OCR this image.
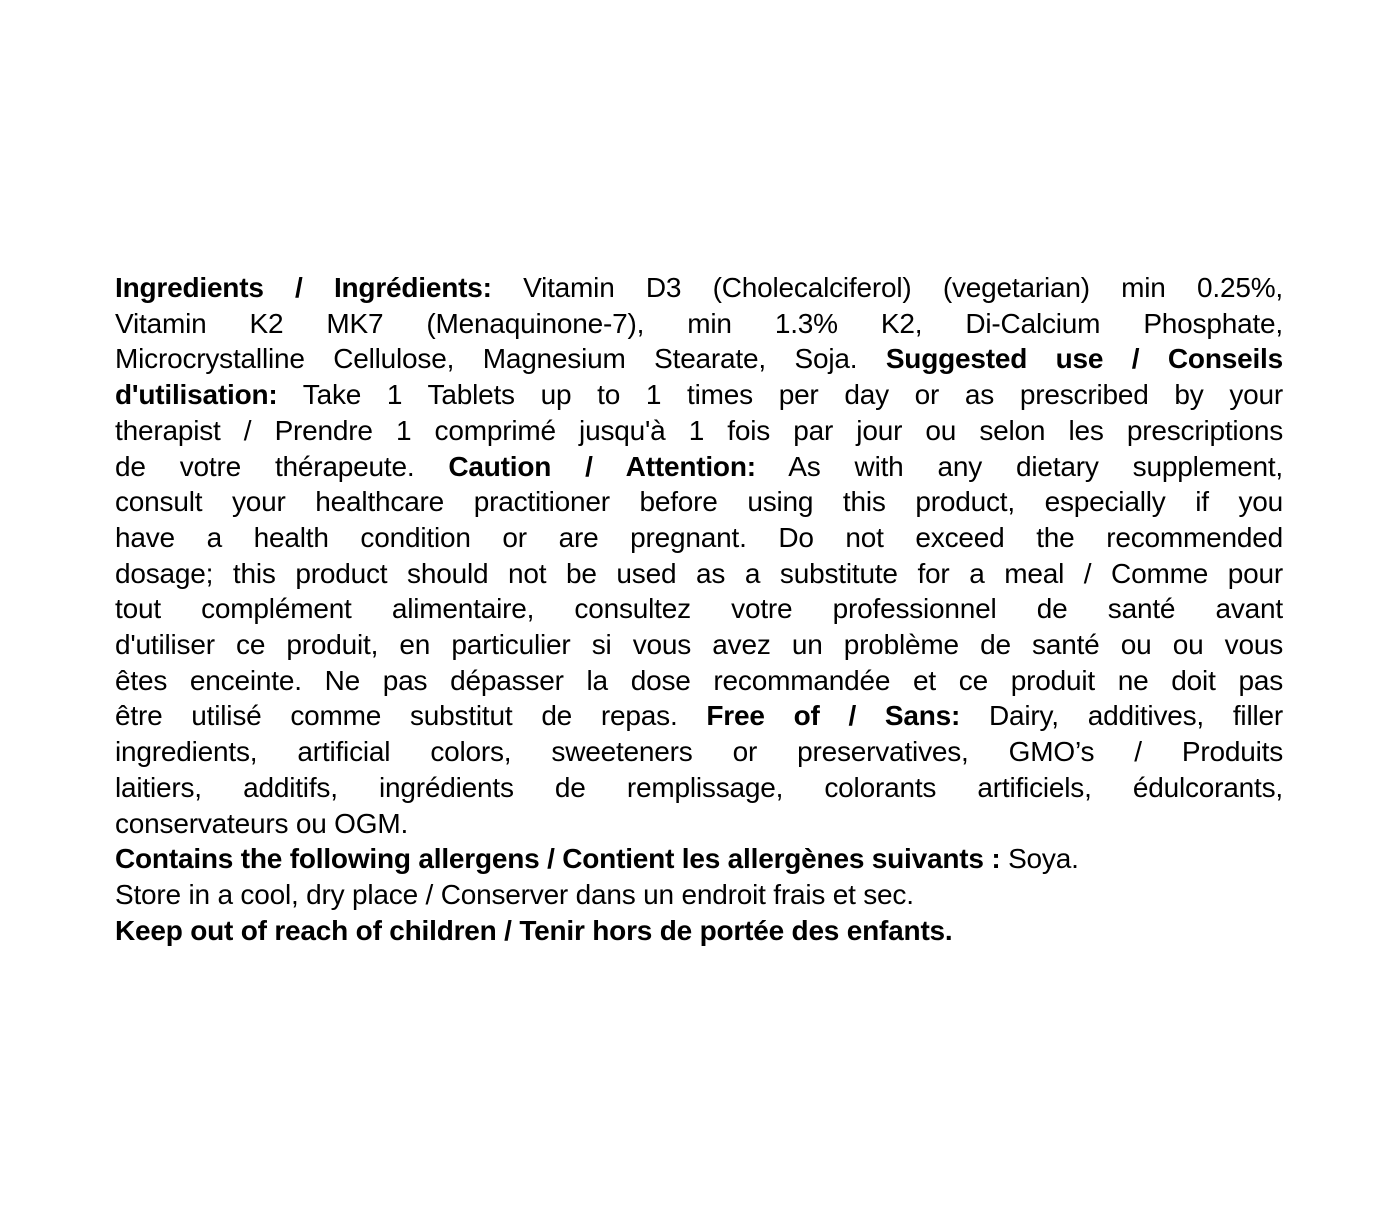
Ingredients / Ingrédients: Vitamin D3 (Cholecalciferol) (vegetarian) min 0.25%,
Vitamin K2 MK7 (Menaquinone-7), min 1.3% K2, Di-Calcium Phosphate,
Microcrystalline Cellulose, Magnesium Stearate, Soja. Suggested use / Conseils
d'utilisation: Take 1 Tablets up to 1 times per day or as prescribed by your
therapist / Prendre 1 comprimé jusqu'à 1 fois par jour ou selon les prescriptions
de votre thérapeute. Caution / Attention: As with any dietary supplement,
consult your healthcare practitioner before using this product, especially if you
have a health condition or are pregnant. Do not exceed the recommended
dosage; this product should not be used as a substitute for a meal / Comme pour
tout complément alimentaire, consultez votre professionnel de santé avant
d'utiliser ce produit, en particulier si vous avez un problème de santé ou ou vous
êtes enceinte. Ne pas dépasser la dose recommandée et ce produit ne doit pas
être utilisé comme substitut de repas. Free of / Sans: Dairy, additives, filler
ingredients, artificial colors, sweeteners or preservatives, GMO’s / Produits
laitiers, additifs, ingrédients de remplissage, colorants artificiels, édulcorants,
conservateurs ou OGM.
Contains the following allergens / Contient les allergènes suivants : Soya.
Store in a cool, dry place / Conserver dans un endroit frais et sec.
Keep out of reach of children / Tenir hors de portée des enfants.
